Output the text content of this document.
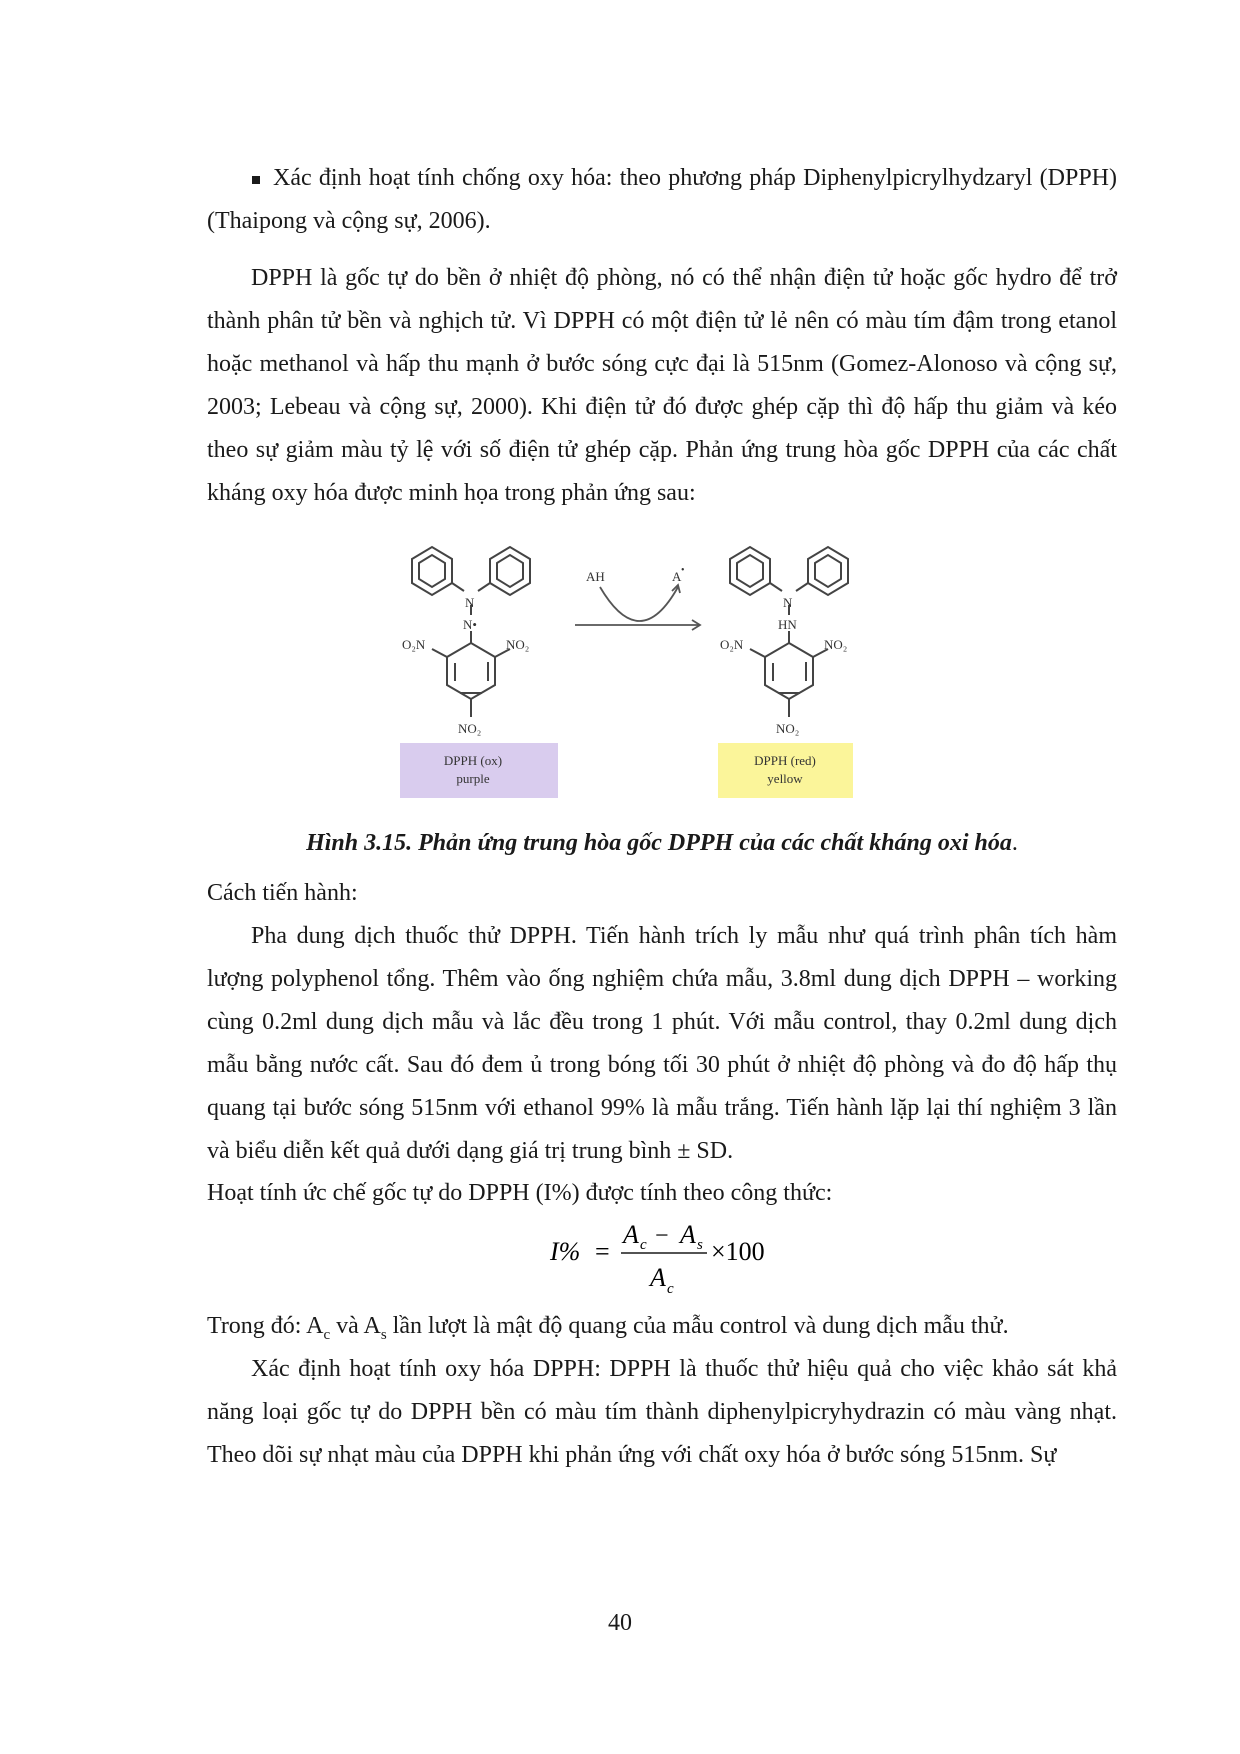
Xác định hoạt tính chống oxy hóa: theo phương pháp Diphenylpicrylhydzaryl (DPPH) (Thaipong và cộng sự, 2006).

DPPH là gốc tự do bền ở nhiệt độ phòng, nó có thể nhận điện tử hoặc gốc hydro để trở thành phân tử bền và nghịch tử. Vì DPPH có một điện tử lẻ nên có màu tím đậm trong etanol hoặc methanol và hấp thu mạnh ở bước sóng cực đại là 515nm (Gomez-Alonoso và cộng sự, 2003; Lebeau và cộng sự, 2000). Khi điện tử đó được ghép cặp thì độ hấp thu giảm và kéo theo sự giảm màu tỷ lệ với số điện tử ghép cặp. Phản ứng trung hòa gốc DPPH của các chất kháng oxy hóa được minh họa trong phản ứng sau:

N
N•
O₂N	NO₂
NO₂
DPPH (ox)
purple
AH	A •
N
HN
O₂N	NO₂
NO₂
DPPH (red)
yellow
Hình 3.15. Phản ứng trung hòa gốc DPPH của các chất kháng oxi hóa.

Cách tiến hành:

Pha dung dịch thuốc thử DPPH. Tiến hành trích ly mẫu như quá trình phân tích hàm lượng polyphenol tổng. Thêm vào ống nghiệm chứa mẫu, 3.8ml dung dịch DPPH – working cùng 0.2ml dung dịch mẫu và lắc đều trong 1 phút. Với mẫu control, thay 0.2ml dung dịch mẫu bằng nước cất. Sau đó đem ủ trong bóng tối 30 phút ở nhiệt độ phòng và đo độ hấp thụ quang tại bước sóng 515nm với ethanol 99% là mẫu trắng. Tiến hành lặp lại thí nghiệm 3 lần và biểu diễn kết quả dưới dạng giá trị trung bình ± SD.

Hoạt tính ức chế gốc tự do DPPH (I%) được tính theo công thức:

I% =
A c − A s
A c
×100

Trong đó: $A_c$ và $A_s$ lần lượt là mật độ quang của mẫu control và dung dịch mẫu thử.

Xác định hoạt tính oxy hóa DPPH: DPPH là thuốc thử hiệu quả cho việc khảo sát khả năng loại gốc tự do DPPH bền có màu tím thành diphenylpicryhydrazin có màu vàng nhạt. Theo dõi sự nhạt màu của DPPH khi phản ứng với chất oxy hóa ở bước sóng 515nm. Sự

40
